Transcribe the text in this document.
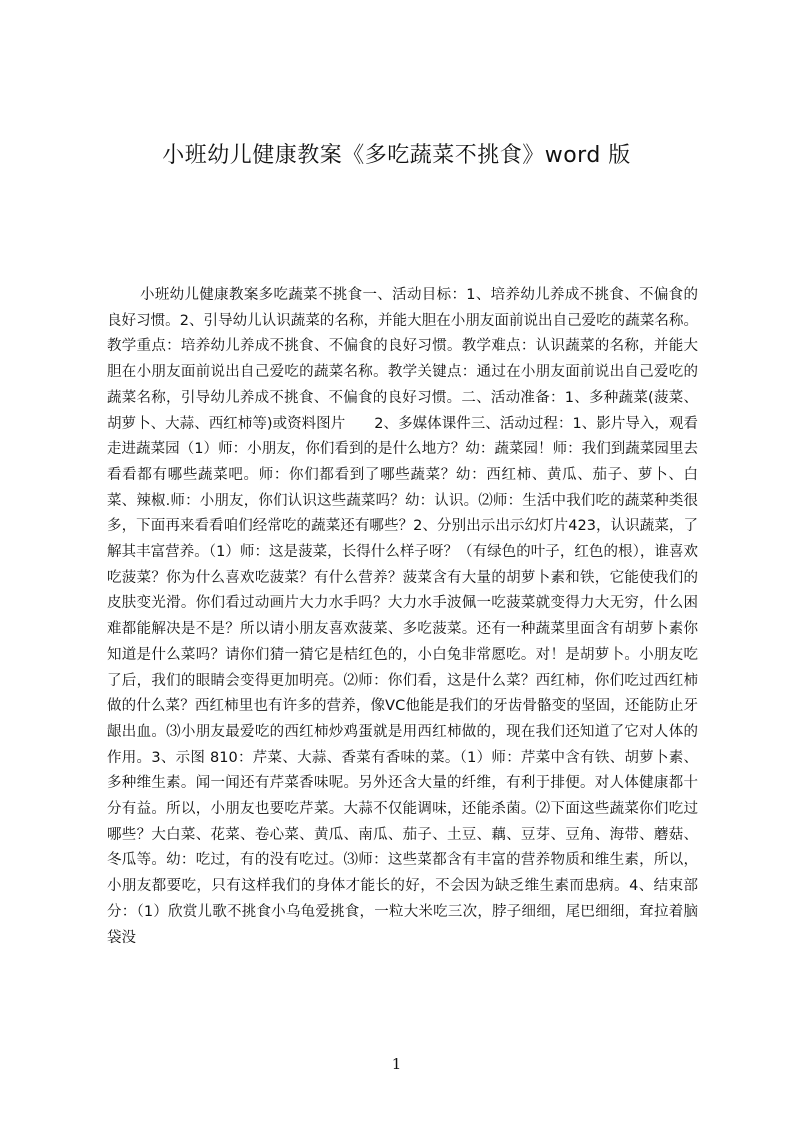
小班幼儿健康教案《多吃蔬菜不挑食》word 版
小班幼儿健康教案多吃蔬菜不挑食一、活动目标：1、培养幼儿养成不挑食、不偏食的良好习惯。2、引导幼儿认识蔬菜的名称，并能大胆在小朋友面前说出自己爱吃的蔬菜名称。教学重点：培养幼儿养成不挑食、不偏食的良好习惯。教学难点：认识蔬菜的名称，并能大胆在小朋友面前说出自己爱吃的蔬菜名称。教学关键点：通过在小朋友面前说出自己爱吃的蔬菜名称，引导幼儿养成不挑食、不偏食的良好习惯。二、活动准备：1、多种蔬菜(菠菜、胡萝卜、大蒜、西红柿等)或资料图片　　2、多媒体课件三、活动过程：1、影片导入，观看走进蔬菜园（1）师：小朋友，你们看到的是什么地方？幼：蔬菜园！师：我们到蔬菜园里去看看都有哪些蔬菜吧。师：你们都看到了哪些蔬菜？幼：西红柿、黄瓜、茄子、萝卜、白菜、辣椒.师：小朋友，你们认识这些蔬菜吗？幼：认识。⑵师：生活中我们吃的蔬菜种类很多，下面再来看看咱们经常吃的蔬菜还有哪些？2、分别出示出示幻灯片423，认识蔬菜，了解其丰富营养。（1）师：这是菠菜，长得什么样子呀？（有绿色的叶子，红色的根），谁喜欢吃菠菜？你为什么喜欢吃菠菜？有什么营养？菠菜含有大量的胡萝卜素和铁，它能使我们的皮肤变光滑。你们看过动画片大力水手吗？大力水手波佩一吃菠菜就变得力大无穷，什么困难都能解决是不是？所以请小朋友喜欢菠菜、多吃菠菜。还有一种蔬菜里面含有胡萝卜素你知道是什么菜吗？请你们猜一猜它是桔红色的，小白兔非常愿吃。对！是胡萝卜。小朋友吃了后，我们的眼睛会变得更加明亮。⑵师：你们看，这是什么菜？西红柿，你们吃过西红柿做的什么菜？西红柿里也有许多的营养，像VC他能是我们的牙齿骨骼变的坚固，还能防止牙龈出血。⑶小朋友最爱吃的西红柿炒鸡蛋就是用西红柿做的，现在我们还知道了它对人体的作用。3、示图 810：芹菜、大蒜、香菜有香味的菜。（1）师：芹菜中含有铁、胡萝卜素、多种维生素。闻一闻还有芹菜香味呢。另外还含大量的纤维，有利于排便。对人体健康都十分有益。所以，小朋友也要吃芹菜。大蒜不仅能调味，还能杀菌。⑵下面这些蔬菜你们吃过哪些？大白菜、花菜、卷心菜、黄瓜、南瓜、茄子、土豆、藕、豆芽、豆角、海带、蘑菇、冬瓜等。幼：吃过，有的没有吃过。⑶师：这些菜都含有丰富的营养物质和维生素，所以，小朋友都要吃，只有这样我们的身体才能长的好，不会因为缺乏维生素而患病。4、结束部分：（1）欣赏儿歌不挑食小乌龟爱挑食，一粒大米吃三次，脖子细细，尾巴细细，耷拉着脑袋没
1
